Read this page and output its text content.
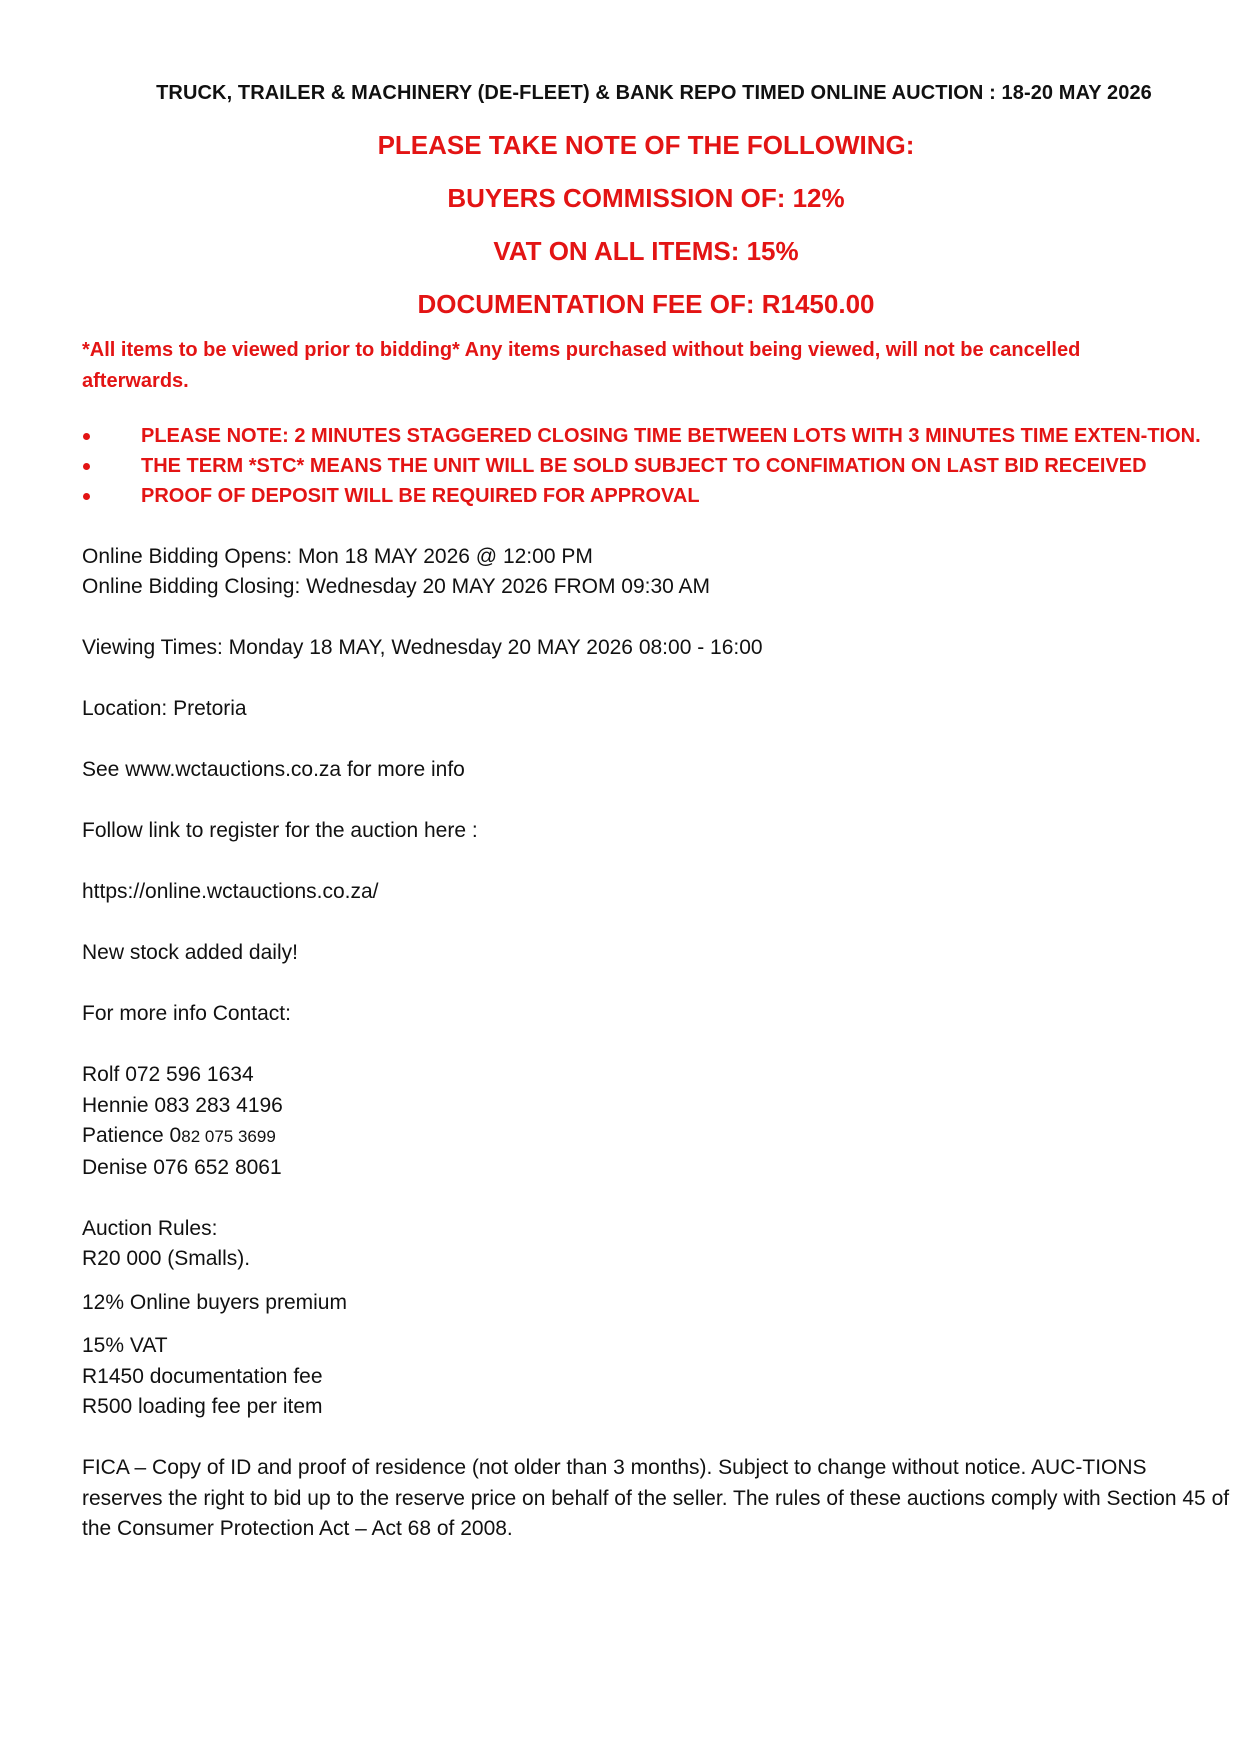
TRUCK, TRAILER & MACHINERY (DE-FLEET) & BANK REPO TIMED ONLINE AUCTION : 18-20 MAY 2026

PLEASE TAKE NOTE OF THE FOLLOWING:

BUYERS COMMISSION OF: 12%

VAT ON ALL ITEMS: 15%

DOCUMENTATION FEE OF: R1450.00

*All items to be viewed prior to bidding* Any items purchased without being viewed, will not be cancelled afterwards.

PLEASE NOTE: 2 MINUTES STAGGERED CLOSING TIME BETWEEN LOTS WITH 3 MINUTES TIME EXTEN-TION.
THE TERM *STC* MEANS THE UNIT WILL BE SOLD SUBJECT TO CONFIMATION ON LAST BID RECEIVED
PROOF OF DEPOSIT WILL BE REQUIRED FOR APPROVAL

Online Bidding Opens: Mon 18 MAY 2026 @ 12:00 PM

Online Bidding Closing: Wednesday 20 MAY 2026 FROM 09:30 AM

Viewing Times: Monday 18 MAY, Wednesday 20 MAY 2026 08:00 - 16:00

Location: Pretoria

See www.wctauctions.co.za for more info

Follow link to register for the auction here :

https://online.wctauctions.co.za/

New stock added daily!

For more info Contact:

Rolf 072 596 1634

Hennie 083 283 4196

Patience 082 075 3699

Denise 076 652 8061

Auction Rules:

R20 000 (Smalls).

12% Online buyers premium

15% VAT

R1450 documentation fee

R500 loading fee per item

FICA – Copy of ID and proof of residence (not older than 3 months). Subject to change without notice. AUC-TIONS reserves the right to bid up to the reserve price on behalf of the seller. The rules of these auctions comply with Section 45 of the Consumer Protection Act – Act 68 of 2008.
